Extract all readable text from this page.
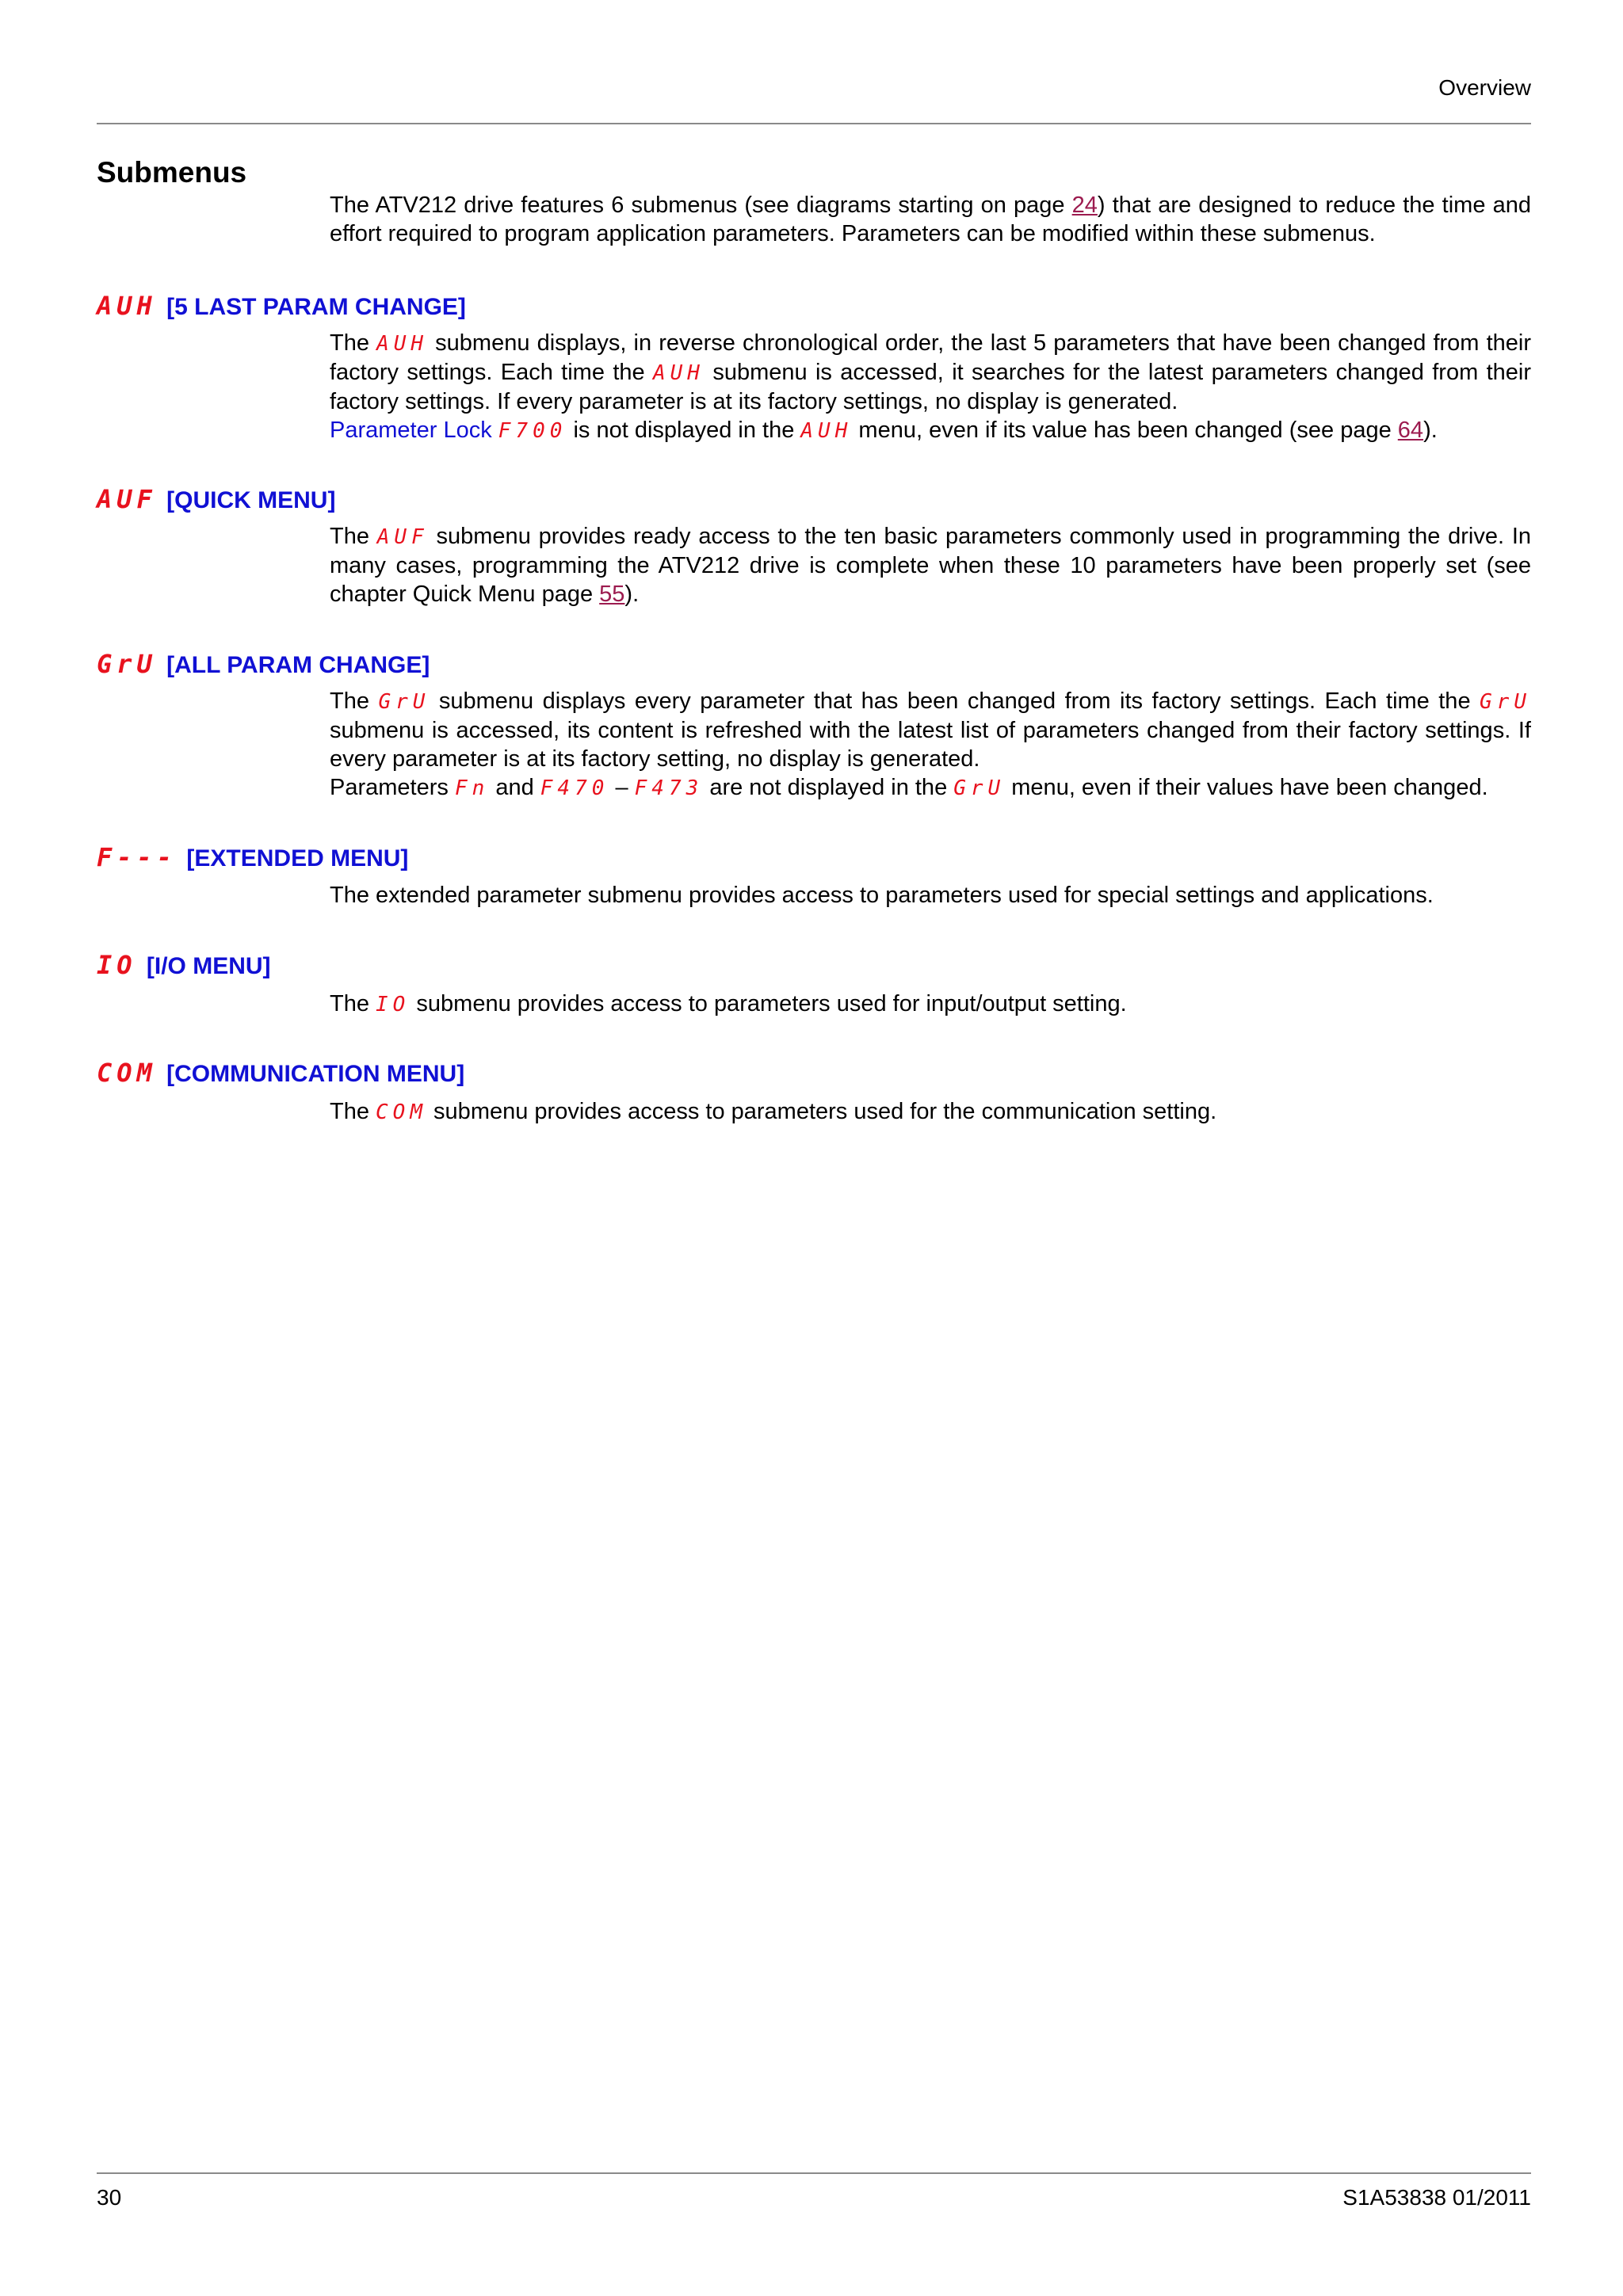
Overview
Submenus

The ATV212 drive features 6 submenus (see diagrams starting on page 24) that are designed to reduce the time and effort required to program application parameters. Parameters can be modified within these submenus.

AUH [5 LAST PARAM CHANGE]

The AUH submenu displays, in reverse chronological order, the last 5 parameters that have been changed from their factory settings. Each time the AUH submenu is accessed, it searches for the latest parameters changed from their factory settings. If every parameter is at its factory settings, no display is generated.
Parameter Lock F700 is not displayed in the AUH menu, even if its value has been changed (see page 64).

AUF [QUICK MENU]

The AUF submenu provides ready access to the ten basic parameters commonly used in programming the drive. In many cases, programming the ATV212 drive is complete when these 10 parameters have been properly set (see chapter Quick Menu page 55).

GrU [ALL PARAM CHANGE]

The GrU submenu displays every parameter that has been changed from its factory settings. Each time the GrU submenu is accessed, its content is refreshed with the latest list of parameters changed from their factory settings. If every parameter is at its factory setting, no display is generated.
Parameters Fn and F470 – F473 are not displayed in the GrU menu, even if their values have been changed.

F--- [EXTENDED MENU]

The extended parameter submenu provides access to parameters used for special settings and applications.

IO [I/O MENU]

The IO submenu provides access to parameters used for input/output setting.

COM [COMMUNICATION MENU]

The COM submenu provides access to parameters used for the communication setting.

30	S1A53838 01/2011
